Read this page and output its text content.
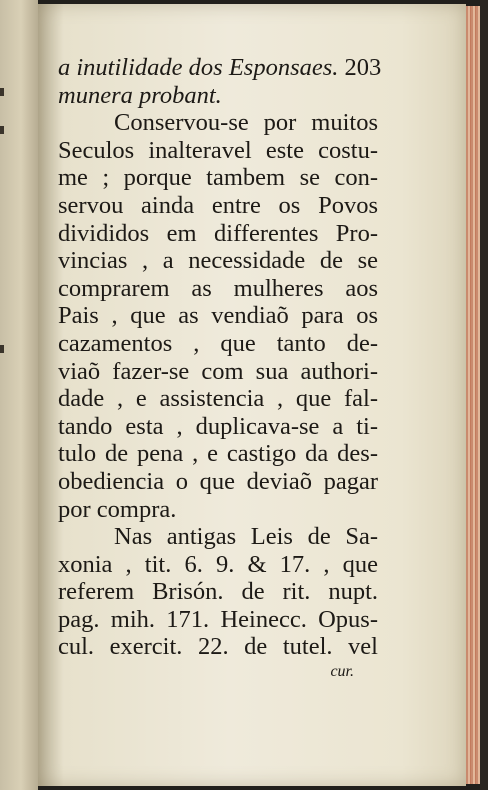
a inutilidade dos Esponsaes. 203
munera probant.
Conservou-se por muitos
Seculos inalteravel este costu-
me ; porque tambem se con-
servou ainda entre os Povos
divididos em differentes Pro-
vincias , a necessidade de se
comprarem as mulheres aos
Pais , que as vendiaõ para os
cazamentos , que tanto de-
viaõ fazer-se com sua authori-
dade , e assistencia , que fal-
tando esta , duplicava-se a ti-
tulo de pena , e castigo da des-
obediencia o que deviaõ pagar
por compra.
Nas antigas Leis de Sa-
xonia , tit. 6. 9. & 17. , que
referem Brisón. de rit. nupt.
pag. mih. 171. Heinecc. Opus-
cul. exercit. 22. de tutel. vel
cur.
